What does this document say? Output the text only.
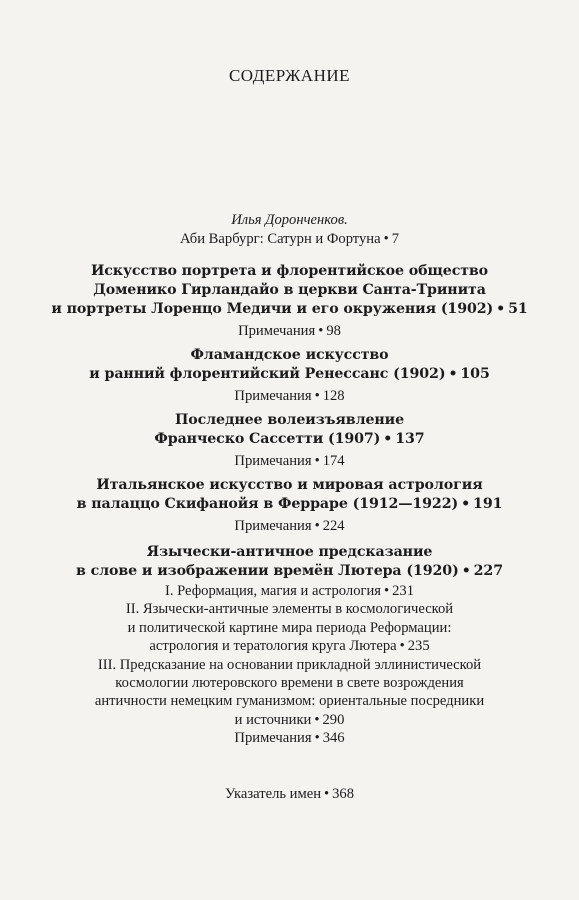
СОДЕРЖАНИЕ
Илья Доронченков.
Аби Варбург: Сатурн и Фортуна • 7
Искусство портрета и флорентийское общество
Доменико Гирландайо в церкви Санта-Тринита
и портреты Лоренцо Медичи и его окружения (1902) • 51
Примечания • 98
Фламандское искусство
и ранний флорентийский Ренессанс (1902) • 105
Примечания • 128
Последнее волеизъявление
Франческо Сассетти (1907) • 137
Примечания • 174
Итальянское искусство и мировая астрология
в палаццо Скифанойя в Ферраре (1912—1922) • 191
Примечания • 224
Язычески-античное предсказание
в слове и изображении времён Лютера (1920) • 227
I. Реформация, магия и астрология • 231
II. Язычески-античные элементы в космологической
и политической картине мира периода Реформации:
астрология и тератология круга Лютера • 235
III. Предсказание на основании прикладной эллинистической
космологии лютеровского времени в свете возрождения
античности немецким гуманизмом: ориентальные посредники
и источники • 290
Примечания • 346
Указатель имен • 368
